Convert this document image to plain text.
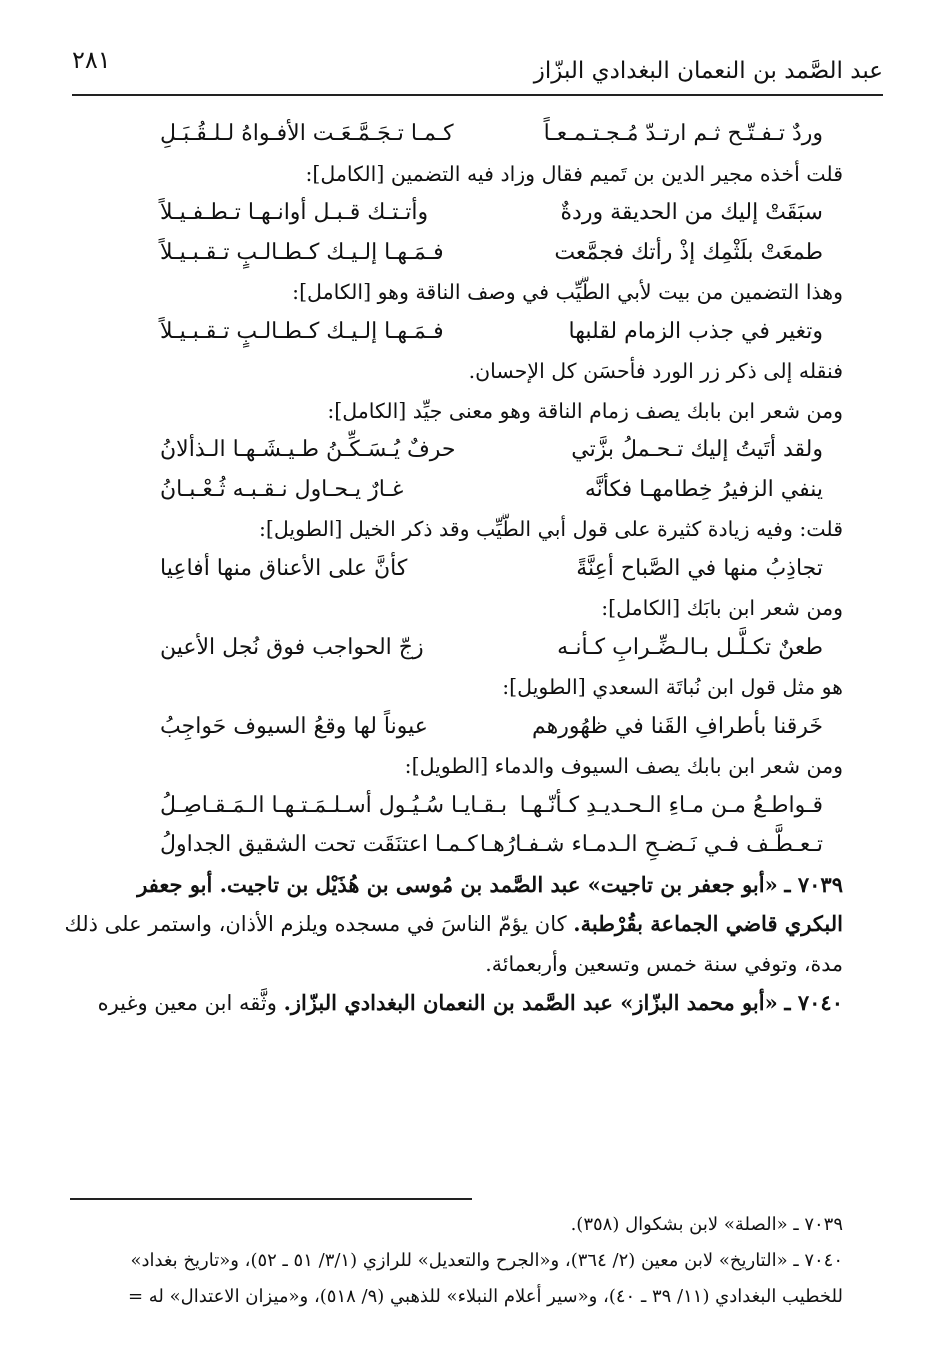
عبد الصَّمد بن النعمان البغدادي البزّاز
٢٨١
وردٌ تـفـتّـح ثـم ارتـدّ مُـجـتـمـعـاً
كـمـا تـجَـمَّـعَـت الأفـواهُ لـلـقُـبَـلِ
قلت أخذه مجير الدين بن تَميم فقال وزاد فيه التضمين [الكامل]:
سبَقَتْ إليك من الحديقة وردةٌ
وأتـتـك قـبـل أوانـهـا تـطـفـيـلاً
طمعَتْ بلَثْمِك إذْ رأتك فجمَّعت
فـمَـهـا إلـيـك كـطـالـبٍ تـقـبـيـلاً
وهذا التضمين من بيت لأبي الطَّيِّب في وصف الناقة وهو [الكامل]:
وتغير في جذب الزمام لقلبها
فـمَـهـا إلـيـك كـطـالـبٍ تـقـبـيـلاً
فنقله إلى ذكر زر الورد فأحسَن كل الإحسان.
ومن شعر ابن بابك يصف زمام الناقة وهو معنى جيِّد [الكامل]:
ولقد أتَيتُ إليك تـحـملُ بزَّتي
حرفٌ يُـسَـكِّـنُ طـيـشَـهـا الـذألانُ
ينفي الزفيرُ خِطامهـا فكأنَّه
غـارٌ يـحـاول نـقـبـه ثُـعْـبـانُ
قلت: وفيه زيادة كثيرة على قول أبي الطَّيِّب وقد ذكر الخيل [الطويل]:
تجاذِبُ منها في الصَّباح أعِنَّةً
كأنَّ على الأعناق منها أفاعِيا
ومن شعر ابن بابَك [الكامل]:
طعنٌ تكـلَّـل بـالـضِّـرابِ كـأنـه
زجّ الحواجب فوق نُجل الأعين
هو مثل قول ابن نُباتَة السعدي [الطويل]:
خَرقنا بأطرافِ القَنا في ظهُورهم
عيوناً لها وقعُ السيوف حَواجِبُ
ومن شعر ابن بابك يصف السيوف والدماء [الطويل]:
قـواطـعُ مـن مـاءِ الـحـديـدِ كـأنّـهـا
بـقـايـا سُـيُـول أسـلـمَـتـهـا الـمَـقـاصِـلُ
تـعـطَّـف فـي نَـضـحِ الـدمـاء شـفـارُهـا
كـمـا اعتنَقَت تحت الشقيق الجداولُ
٧٠٣٩ ـ «أبو جعفر بن تاجيت» عبد الصَّمد بن مُوسى بن هُذَيْل بن تاجيت. أبو جعفر
البكري قاضي الجماعة بقُرْطبة. كان يؤمّ الناسَ في مسجده ويلزم الأذان، واستمر على ذلك
مدة، وتوفي سنة خمس وتسعين وأربعمائة.
٧٠٤٠ ـ «أبو محمد البزّاز» عبد الصَّمد بن النعمان البغدادي البزّاز. وثَّقه ابن معين وغيره
٧٠٣٩ ـ «الصلة» لابن بشكوال (٣٥٨).
٧٠٤٠ ـ «التاريخ» لابن معين (٢/ ٣٦٤)، و«الجرح والتعديل» للرازي (٣/١/ ٥١ ـ ٥٢)، و«تاريخ بغداد»
للخطيب البغدادي (١١/ ٣٩ ـ ٤٠)، و«سير أعلام النبلاء» للذهبي (٩/ ٥١٨)، و«ميزان الاعتدال» له =
